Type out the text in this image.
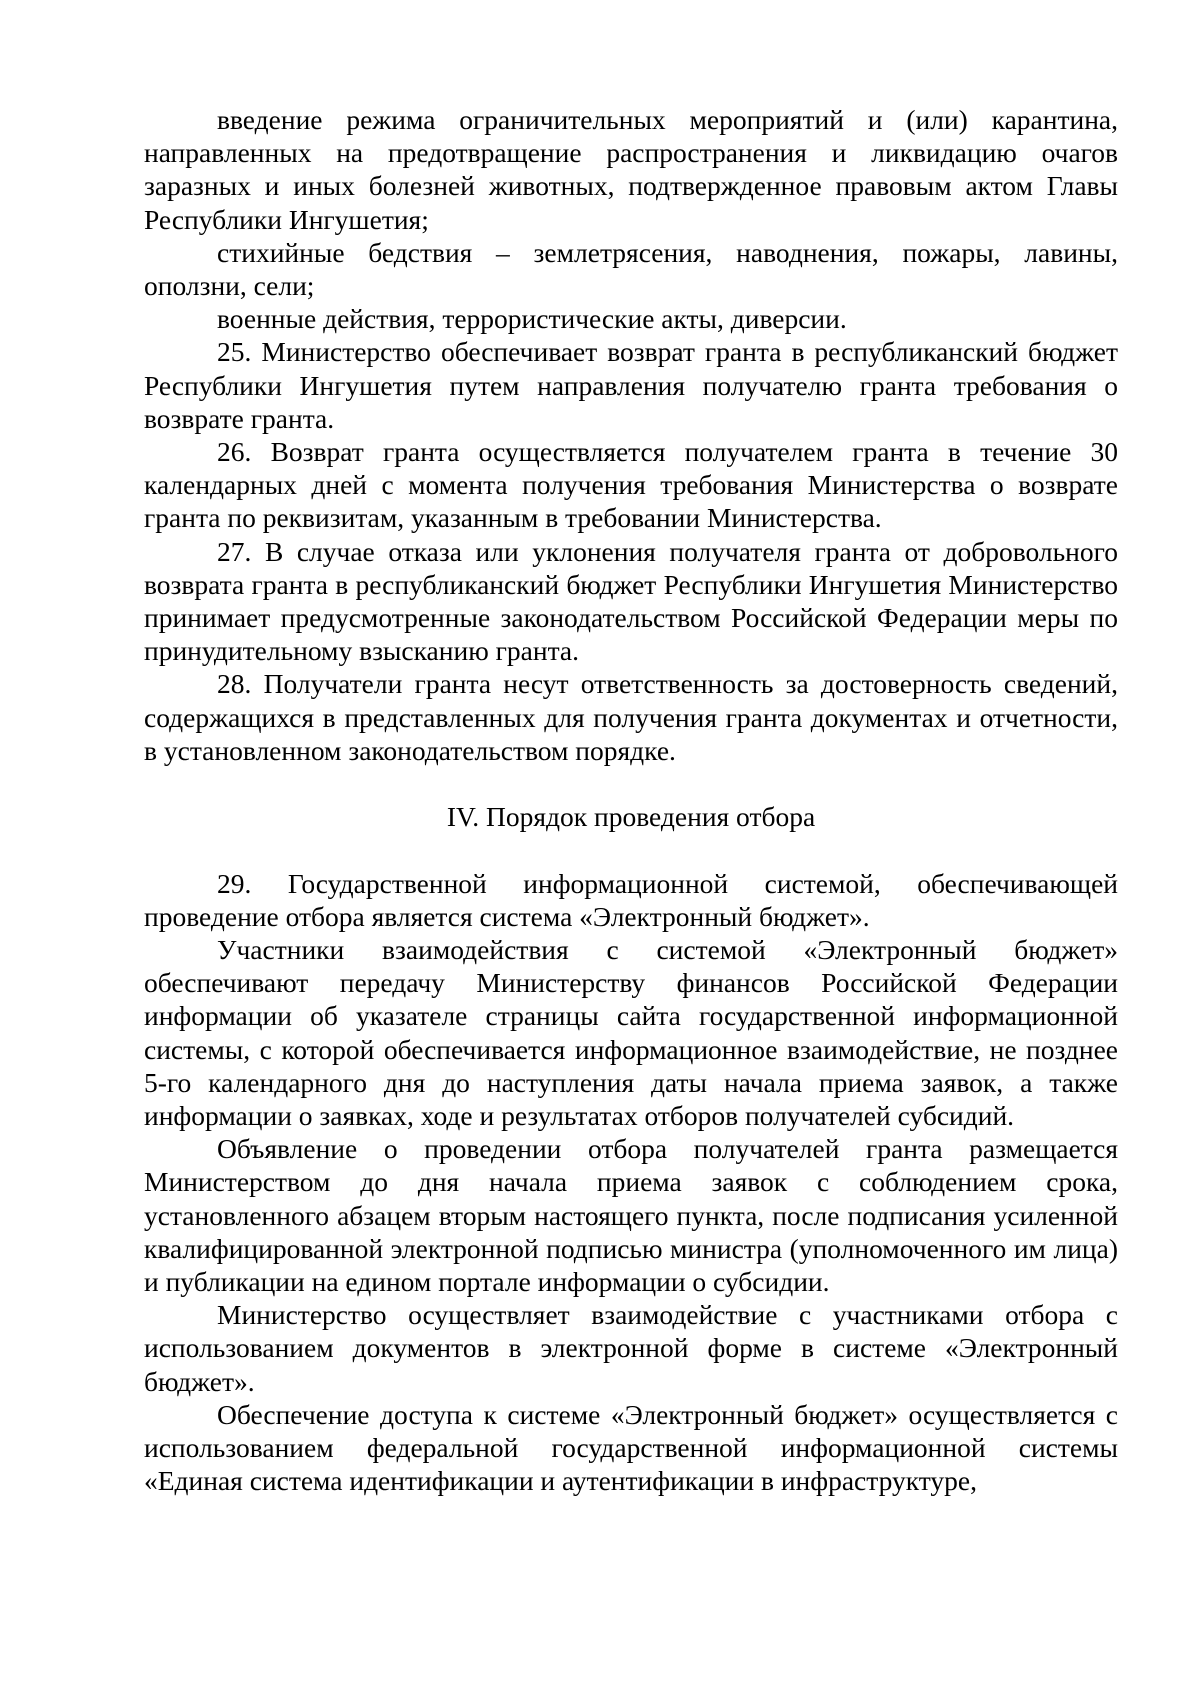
введение режима ограничительных мероприятий и (или) карантина, направленных на предотвращение распространения и ликвидацию очагов заразных и иных болезней животных, подтвержденное правовым актом Главы Республики Ингушетия;

стихийные бедствия – землетрясения, наводнения, пожары, лавины, оползни, сели;

военные действия, террористические акты, диверсии.

25. Министерство обеспечивает возврат гранта в республиканский бюджет Республики Ингушетия путем направления получателю гранта требования о возврате гранта.

26. Возврат гранта осуществляется получателем гранта в течение 30 календарных дней с момента получения требования Министерства о возврате гранта по реквизитам, указанным в требовании Министерства.

27. В случае отказа или уклонения получателя гранта от добровольного возврата гранта в республиканский бюджет Республики Ингушетия Министерство принимает предусмотренные законодательством Российской Федерации меры по принудительному взысканию гранта.

28. Получатели гранта несут ответственность за достоверность сведений, содержащихся в представленных для получения гранта документах и отчетности, в установленном законодательством порядке.

IV. Порядок проведения отбора

29. Государственной информационной системой, обеспечивающей проведение отбора является система «Электронный бюджет».

Участники взаимодействия с системой «Электронный бюджет» обеспечивают передачу Министерству финансов Российской Федерации информации об указателе страницы сайта государственной информационной системы, с которой обеспечивается информационное взаимодействие, не позднее 5-го календарного дня до наступления даты начала приема заявок, а также информации о заявках, ходе и результатах отборов получателей субсидий.

Объявление о проведении отбора получателей гранта размещается Министерством до дня начала приема заявок с соблюдением срока, установленного абзацем вторым настоящего пункта, после подписания усиленной квалифицированной электронной подписью министра (уполномоченного им лица) и публикации на едином портале информации о субсидии.

Министерство осуществляет взаимодействие с участниками отбора с использованием документов в электронной форме в системе «Электронный бюджет».

Обеспечение доступа к системе «Электронный бюджет» осуществляется с использованием федеральной государственной информационной системы «Единая система идентификации и аутентификации в инфраструктуре,
